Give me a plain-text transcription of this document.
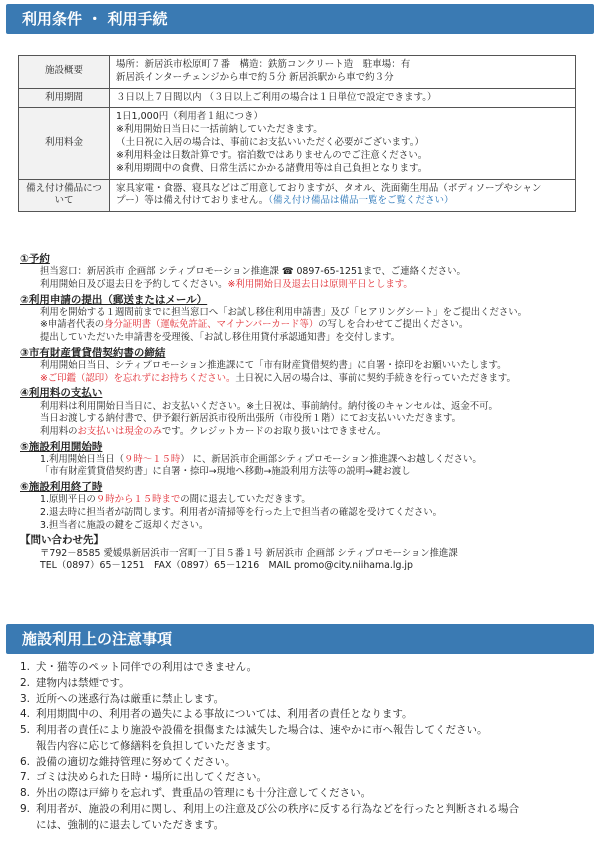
利用条件 ・ 利用手続
施設概要	場所：新居浜市松原町７番　構造：鉄筋コンクリート造　駐車場：有
新居浜インターチェンジから車で約５分 新居浜駅から車で約３分

利用期間	３日以上７日間以内 （３日以上ご利用の場合は１日単位で設定できます。）

利用料金	1日1,000円（利用者１組につき）
※利用開始日当日に一括前納していただきます。
（土日祝に入居の場合は、事前にお支払いいただく必要がございます。）
※利用料金は日数計算です。宿泊数ではありませんのでご注意ください。
※利用期間中の食費、日常生活にかかる諸費用等は自己負担となります。

備え付け備品について	家具家電・食器、寝具などはご用意しておりますが、タオル、洗面衛生用品（ボディソープやシャン
プー）等は備え付けておりません。（備え付け備品は備品一覧をご覧ください）
①予約
担当窓口：新居浜市 企画部 シティプロモーション推進課 ☎ 0897-65-1251まで、ご連絡ください。
利用開始日及び退去日を予約してください。※利用開始日及退去日は原則平日とします。
②利用申請の提出（郵送またはメール）
利用を開始する１週間前までに担当窓口へ「お試し移住利用申請書」及び「ヒアリングシート」をご提出ください。
※申請者代表の身分証明書（運転免許証、マイナンバーカード等）の写しを合わせてご提出ください。
提出していただいた申請書を受理後、「お試し移住用貸付承認通知書」を交付します。
③市有財産賃貸借契約書の締結
利用開始日当日、シティプロモーション推進課にて「市有財産貸借契約書」に自署・捺印をお願いいたします。
※ご印鑑（認印）を忘れずにお持ちください。土日祝に入居の場合は、事前に契約手続きを行っていただきます。
④利用料の支払い
利用料は利用開始日当日に、お支払いください。※土日祝は、事前納付。納付後のキャンセルは、返金不可。
当日お渡しする納付書で、伊予銀行新居浜市役所出張所（市役所１階）にてお支払いいただきます。
利用料のお支払いは現金のみです。クレジットカードのお取り扱いはできません。
⑤施設利用開始時
1.利用開始日当日（９時～１５時） に、新居浜市企画部シティプロモーション推進課へお越しください。
「市有財産賃貸借契約書」に自署・捺印→現地へ移動→施設利用方法等の説明→鍵お渡し
⑥施設利用終了時
1.原則平日の９時から１５時までの間に退去していただきます。
2.退去時に担当者が訪問します。利用者が清掃等を行った上で担当者の確認を受けてください。
3.担当者に施設の鍵をご返却ください。
【問い合わせ先】
〒792－8585 愛媛県新居浜市一宮町一丁目５番１号 新居浜市 企画部 シティプロモーション推進課
TEL（0897）65－1251　FAX（0897）65－1216　MAIL promo@city.niihama.lg.jp
施設利用上の注意事項
1. 犬・猫等のペット同伴での利用はできません。
2. 建物内は禁煙です。
3. 近所への迷惑行為は厳重に禁止します。
4. 利用期間中の、利用者の過失による事故については、利用者の責任となります。
5. 利用者の責任により施設や設備を損傷または滅失した場合は、速やかに市へ報告してください。
報告内容に応じて修繕料を負担していただきます。
6. 設備の適切な維持管理に努めてください。
7. ゴミは決められた日時・場所に出してください。
8. 外出の際は戸締りを忘れず、貴重品の管理にも十分注意してください。
9. 利用者が、施設の利用に関し、利用上の注意及び公の秩序に反する行為などを行ったと判断される場合
には、強制的に退去していただきます。
